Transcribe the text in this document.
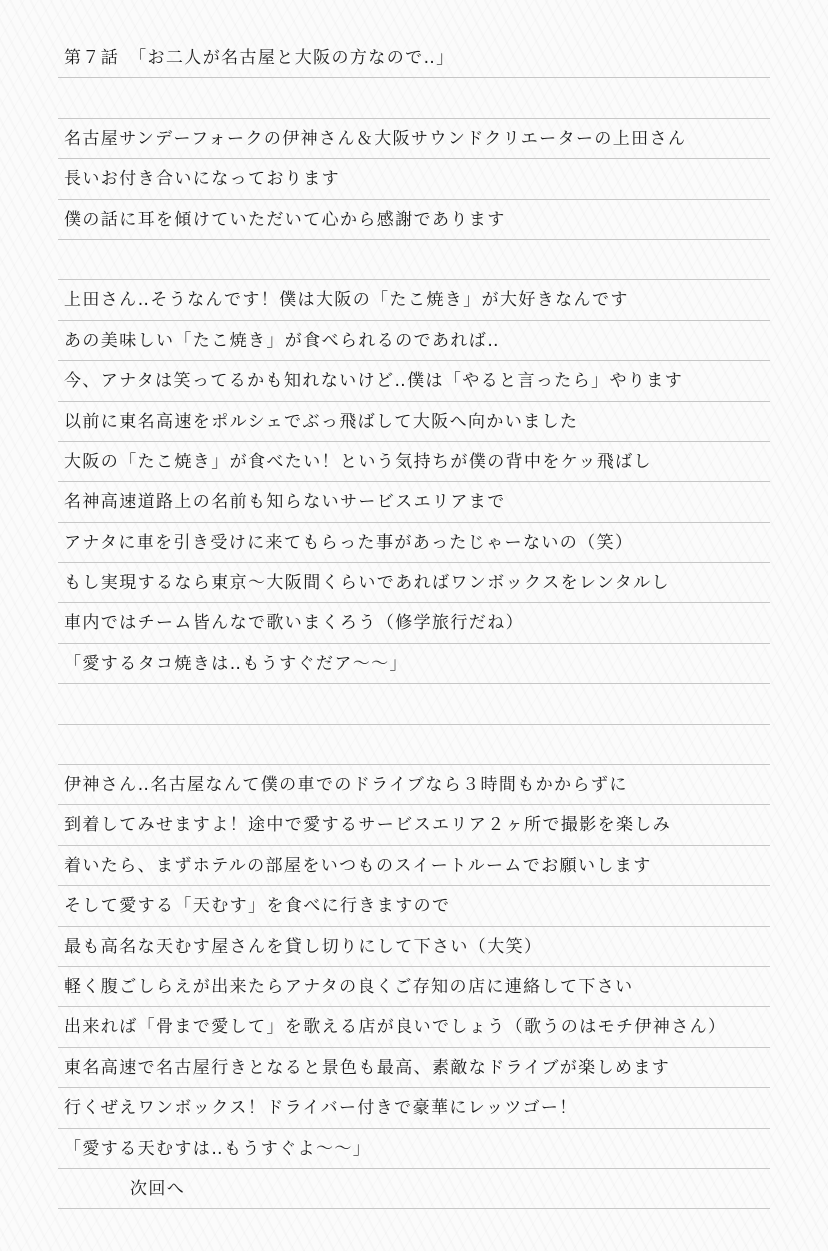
第７話　「お二人が名古屋と大阪の方なので‥」
名古屋サンデーフォークの伊神さん＆大阪サウンドクリエーターの上田さん
長いお付き合いになっております
僕の話に耳を傾けていただいて心から感謝であります
上田さん‥そうなんです！僕は大阪の「たこ焼き」が大好きなんです
あの美味しい「たこ焼き」が食べられるのであれば‥
今、アナタは笑ってるかも知れないけど‥僕は「やると言ったら」やります
以前に東名高速をポルシェでぶっ飛ばして大阪へ向かいました
大阪の「たこ焼き」が食べたい！という気持ちが僕の背中をケッ飛ばし
名神高速道路上の名前も知らないサービスエリアまで
アナタに車を引き受けに来てもらった事があったじゃーないの（笑）
もし実現するなら東京〜大阪間くらいであればワンボックスをレンタルし
車内ではチーム皆んなで歌いまくろう（修学旅行だね）
「愛するタコ焼きは‥もうすぐだア〜〜」
伊神さん‥名古屋なんて僕の車でのドライブなら３時間もかからずに
到着してみせますよ！途中で愛するサービスエリア２ヶ所で撮影を楽しみ
着いたら、まずホテルの部屋をいつものスイートルームでお願いします
そして愛する「天むす」を食べに行きますので
最も高名な天むす屋さんを貸し切りにして下さい（大笑）
軽く腹ごしらえが出来たらアナタの良くご存知の店に連絡して下さい
出来れば「骨まで愛して」を歌える店が良いでしょう（歌うのはモチ伊神さん）
東名高速で名古屋行きとなると景色も最高、素敵なドライブが楽しめます
行くぜえワンボックス！ドライバー付きで豪華にレッツゴー！
「愛する天むすは‥もうすぐよ〜〜」
次回へ
